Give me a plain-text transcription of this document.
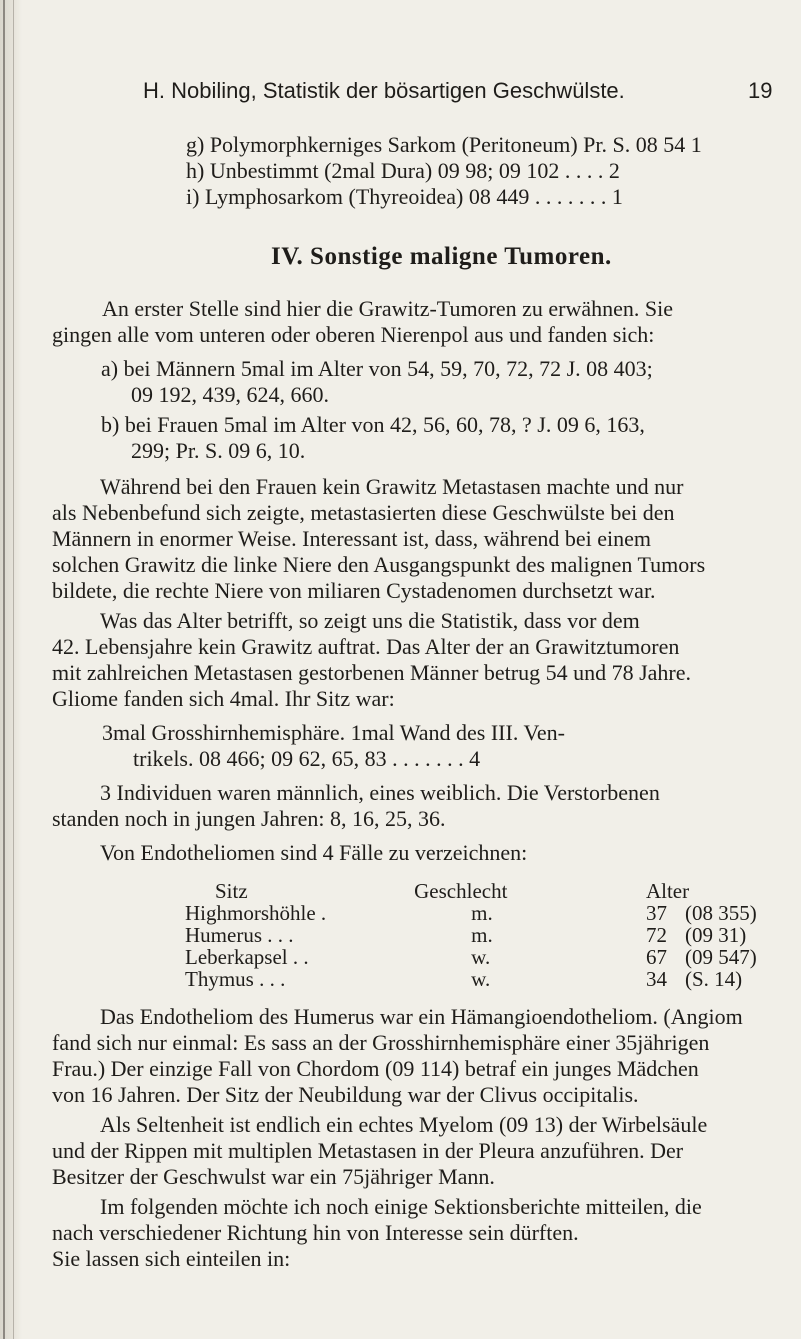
H. Nobiling, Statistik der bösartigen Geschwülste.	19
g) Polymorphkerniges Sarkom (Peritoneum) Pr. S. 08 54 1
h) Unbestimmt (2mal Dura) 09 98; 09 102 . . . . 2
i) Lymphosarkom (Thyreoidea) 08 449 . . . . . . . 1
IV. Sonstige maligne Tumoren.
An erster Stelle sind hier die Grawitz-Tumoren zu erwähnen. Sie
gingen alle vom unteren oder oberen Nierenpol aus und fanden sich:
a) bei Männern 5mal im Alter von 54, 59, 70, 72, 72 J. 08 403;
09 192, 439, 624, 660.
b) bei Frauen 5mal im Alter von 42, 56, 60, 78, ? J. 09 6, 163,
299; Pr. S. 09 6, 10.
Während bei den Frauen kein Grawitz Metastasen machte und nur
als Nebenbefund sich zeigte, metastasierten diese Geschwülste bei den
Männern in enormer Weise. Interessant ist, dass, während bei einem
solchen Grawitz die linke Niere den Ausgangspunkt des malignen Tumors
bildete, die rechte Niere von miliaren Cystadenomen durchsetzt war.
Was das Alter betrifft, so zeigt uns die Statistik, dass vor dem
42. Lebensjahre kein Grawitz auftrat. Das Alter der an Grawitztumoren
mit zahlreichen Metastasen gestorbenen Männer betrug 54 und 78 Jahre.
Gliome fanden sich 4mal. Ihr Sitz war:
3mal Grosshirnhemisphäre. 1mal Wand des III. Ven-
trikels. 08 466; 09 62, 65, 83 . . . . . . . 4
3 Individuen waren männlich, eines weiblich. Die Verstorbenen
standen noch in jungen Jahren: 8, 16, 25, 36.
Von Endotheliomen sind 4 Fälle zu verzeichnen:
Sitz	Geschlecht	Alter	
Highmorshöhle .	m.	37	(08 355)
Humerus . . .	m.	72	(09 31)
Leberkapsel . .	w.	67	(09 547)
Thymus . . .	w.	34	(S. 14)
Das Endotheliom des Humerus war ein Hämangioendotheliom. (Angiom
fand sich nur einmal: Es sass an der Grosshirnhemisphäre einer 35jährigen
Frau.) Der einzige Fall von Chordom (09 114) betraf ein junges Mädchen
von 16 Jahren. Der Sitz der Neubildung war der Clivus occipitalis.
Als Seltenheit ist endlich ein echtes Myelom (09 13) der Wirbelsäule
und der Rippen mit multiplen Metastasen in der Pleura anzuführen. Der
Besitzer der Geschwulst war ein 75jähriger Mann.
Im folgenden möchte ich noch einige Sektionsberichte mitteilen, die
nach verschiedener Richtung hin von Interesse sein dürften.
Sie lassen sich einteilen in:
